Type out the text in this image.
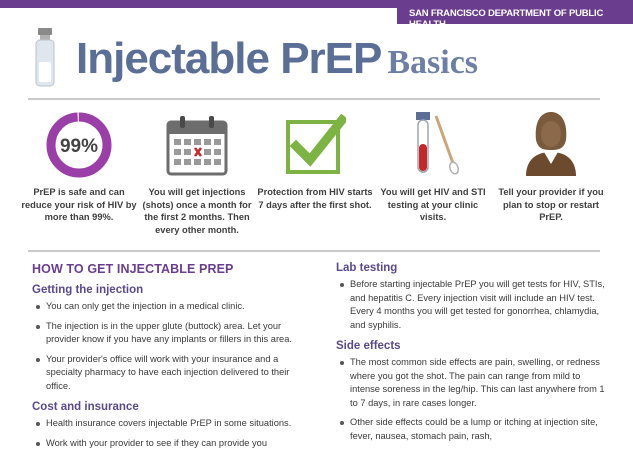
SAN FRANCISCO DEPARTMENT OF PUBLIC HEALTH
Injectable PrEP Basics
99%
PrEP is safe and can reduce your risk of HIV by more than 99%.
You will get injections (shots) once a month for the first 2 months. Then every other month.
Protection from HIV starts 7 days after the first shot.
You will get HIV and STI testing at your clinic visits.
Tell your provider if you plan to stop or restart PrEP.
HOW TO GET INJECTABLE PREP
Getting the injection
You can only get the injection in a medical clinic.
The injection is in the upper glute (buttock) area. Let your provider know if you have any implants or fillers in this area.
Your provider's office will work with your insurance and a specialty pharmacy to have each injection delivered to their office.
Cost and insurance
Health insurance covers injectable PrEP in some situations.
Work with your provider to see if they can provide you
Lab testing
Before starting injectable PrEP you will get tests for HIV, STIs, and hepatitis C. Every injection visit will include an HIV test. Every 4 months you will get tested for gonorrhea, chlamydia, and syphilis.
Side effects
The most common side effects are pain, swelling, or redness where you got the shot. The pain can range from mild to intense soreness in the leg/hip. This can last anywhere from 1 to 7 days, in rare cases longer.
Other side effects could be a lump or itching at injection site, fever, nausea, stomach pain, rash,
